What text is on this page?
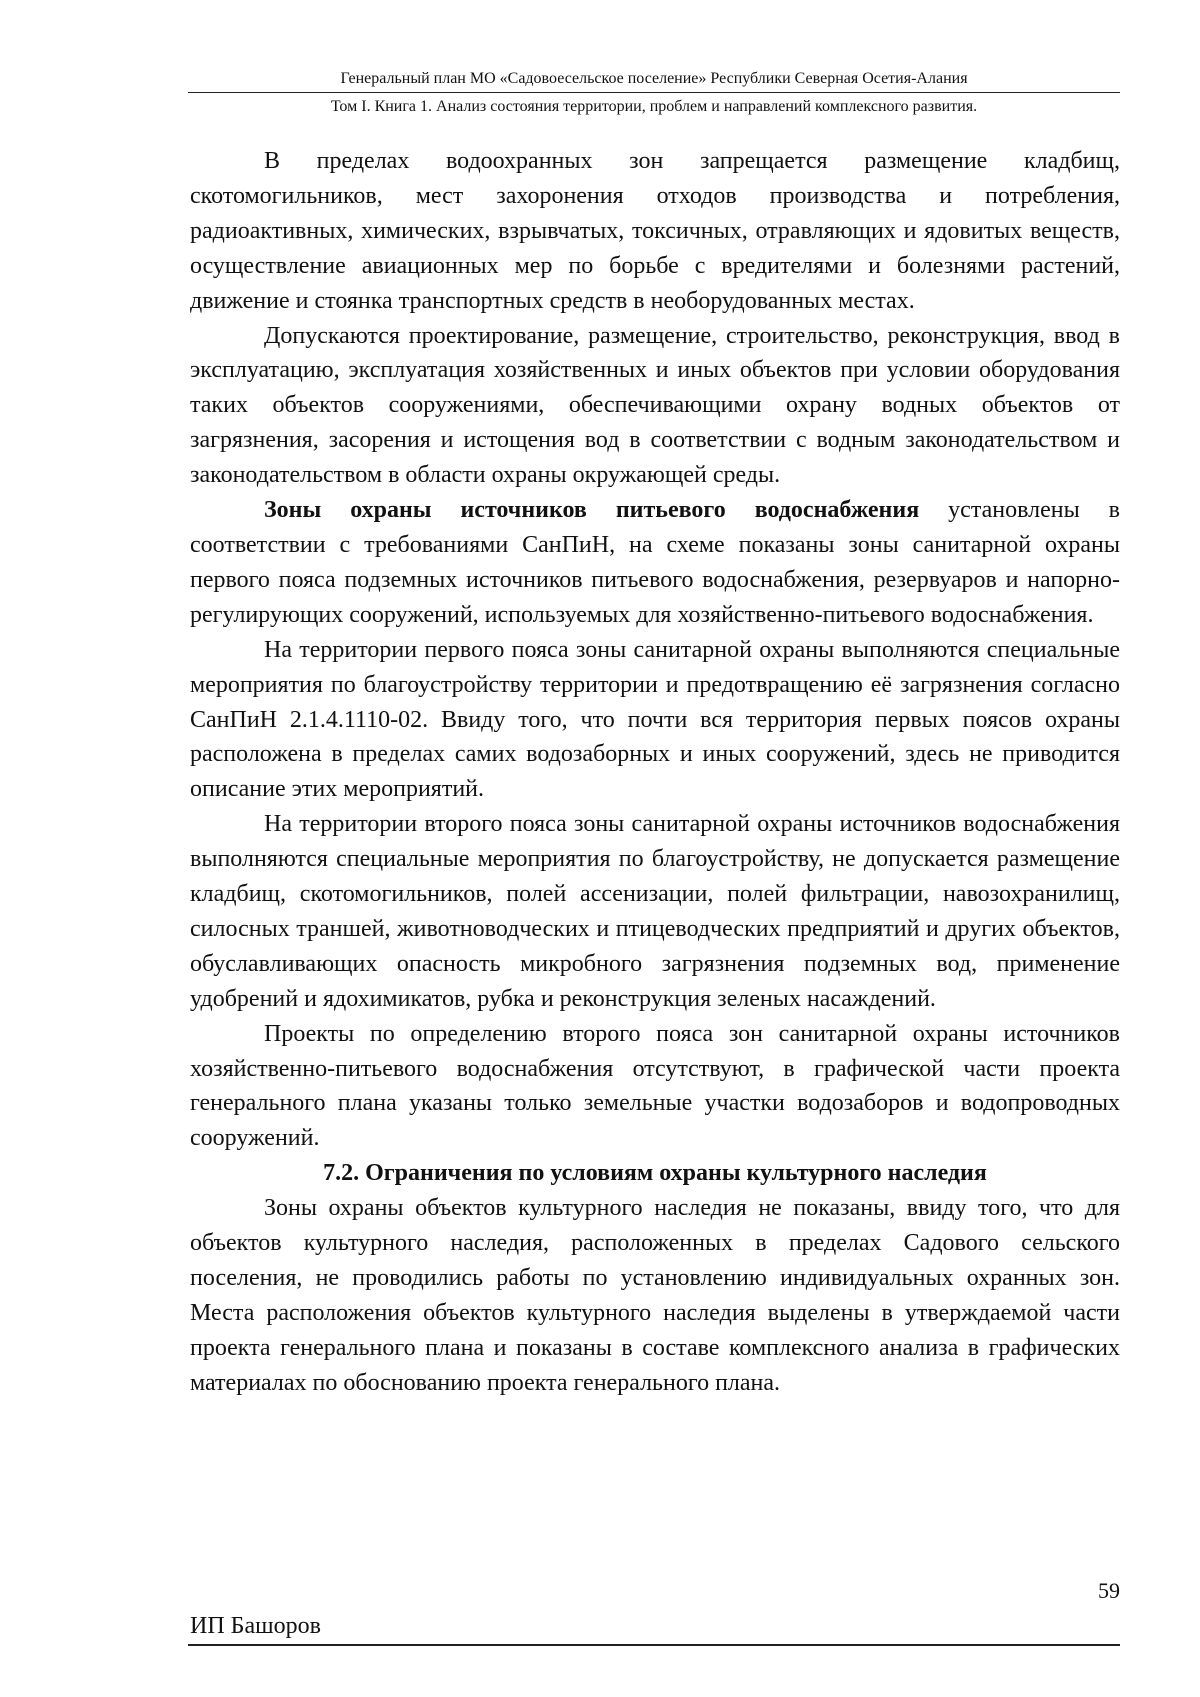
Генеральный план МО «Садовоесельское поселение» Республики Северная Осетия-Алания
Том I. Книга 1. Анализ состояния территории, проблем и направлений комплексного развития.

В пределах водоохранных зон запрещается размещение кладбищ, скотомогильников, мест захоронения отходов производства и потребления, радиоактивных, химических, взрывчатых, токсичных, отравляющих и ядовитых веществ, осуществление авиационных мер по борьбе с вредителями и болезнями растений, движение и стоянка транспортных средств в необорудованных местах.

Допускаются проектирование, размещение, строительство, реконструкция, ввод в эксплуатацию, эксплуатация хозяйственных и иных объектов при условии оборудования таких объектов сооружениями, обеспечивающими охрану водных объектов от загрязнения, засорения и истощения вод в соответствии с водным законодательством и законодательством в области охраны окружающей среды.

Зоны охраны источников питьевого водоснабжения установлены в соответствии с требованиями СанПиН, на схеме показаны зоны санитарной охраны первого пояса подземных источников питьевого водоснабжения, резервуаров и напорно-регулирующих сооружений, используемых для хозяйственно-питьевого водоснабжения.

На территории первого пояса зоны санитарной охраны выполняются специальные мероприятия по благоустройству территории и предотвращению её загрязнения согласно СанПиН 2.1.4.1110-02. Ввиду того, что почти вся территория первых поясов охраны расположена в пределах самих водозаборных и иных сооружений, здесь не приводится описание этих мероприятий.

На территории второго пояса зоны санитарной охраны источников водоснабжения выполняются специальные мероприятия по благоустройству, не допускается размещение кладбищ, скотомогильников, полей ассенизации, полей фильтрации, навозохранилищ, силосных траншей, животноводческих и птицеводческих предприятий и других объектов, обуславливающих опасность микробного загрязнения подземных вод, применение удобрений и ядохимикатов, рубка и реконструкция зеленых насаждений.

Проекты по определению второго пояса зон санитарной охраны источников хозяйственно-питьевого водоснабжения отсутствуют, в графической части проекта генерального плана указаны только земельные участки водозаборов и водопроводных сооружений.

7.2. Ограничения по условиям охраны культурного наследия

Зоны охраны объектов культурного наследия не показаны, ввиду того, что для объектов культурного наследия, расположенных в пределах Садового сельского поселения, не проводились работы по установлению индивидуальных охранных зон. Места расположения объектов культурного наследия выделены в утверждаемой части проекта генерального плана и показаны в составе комплексного анализа в графических материалах по обоснованию проекта генерального плана.

59
ИП Башоров
